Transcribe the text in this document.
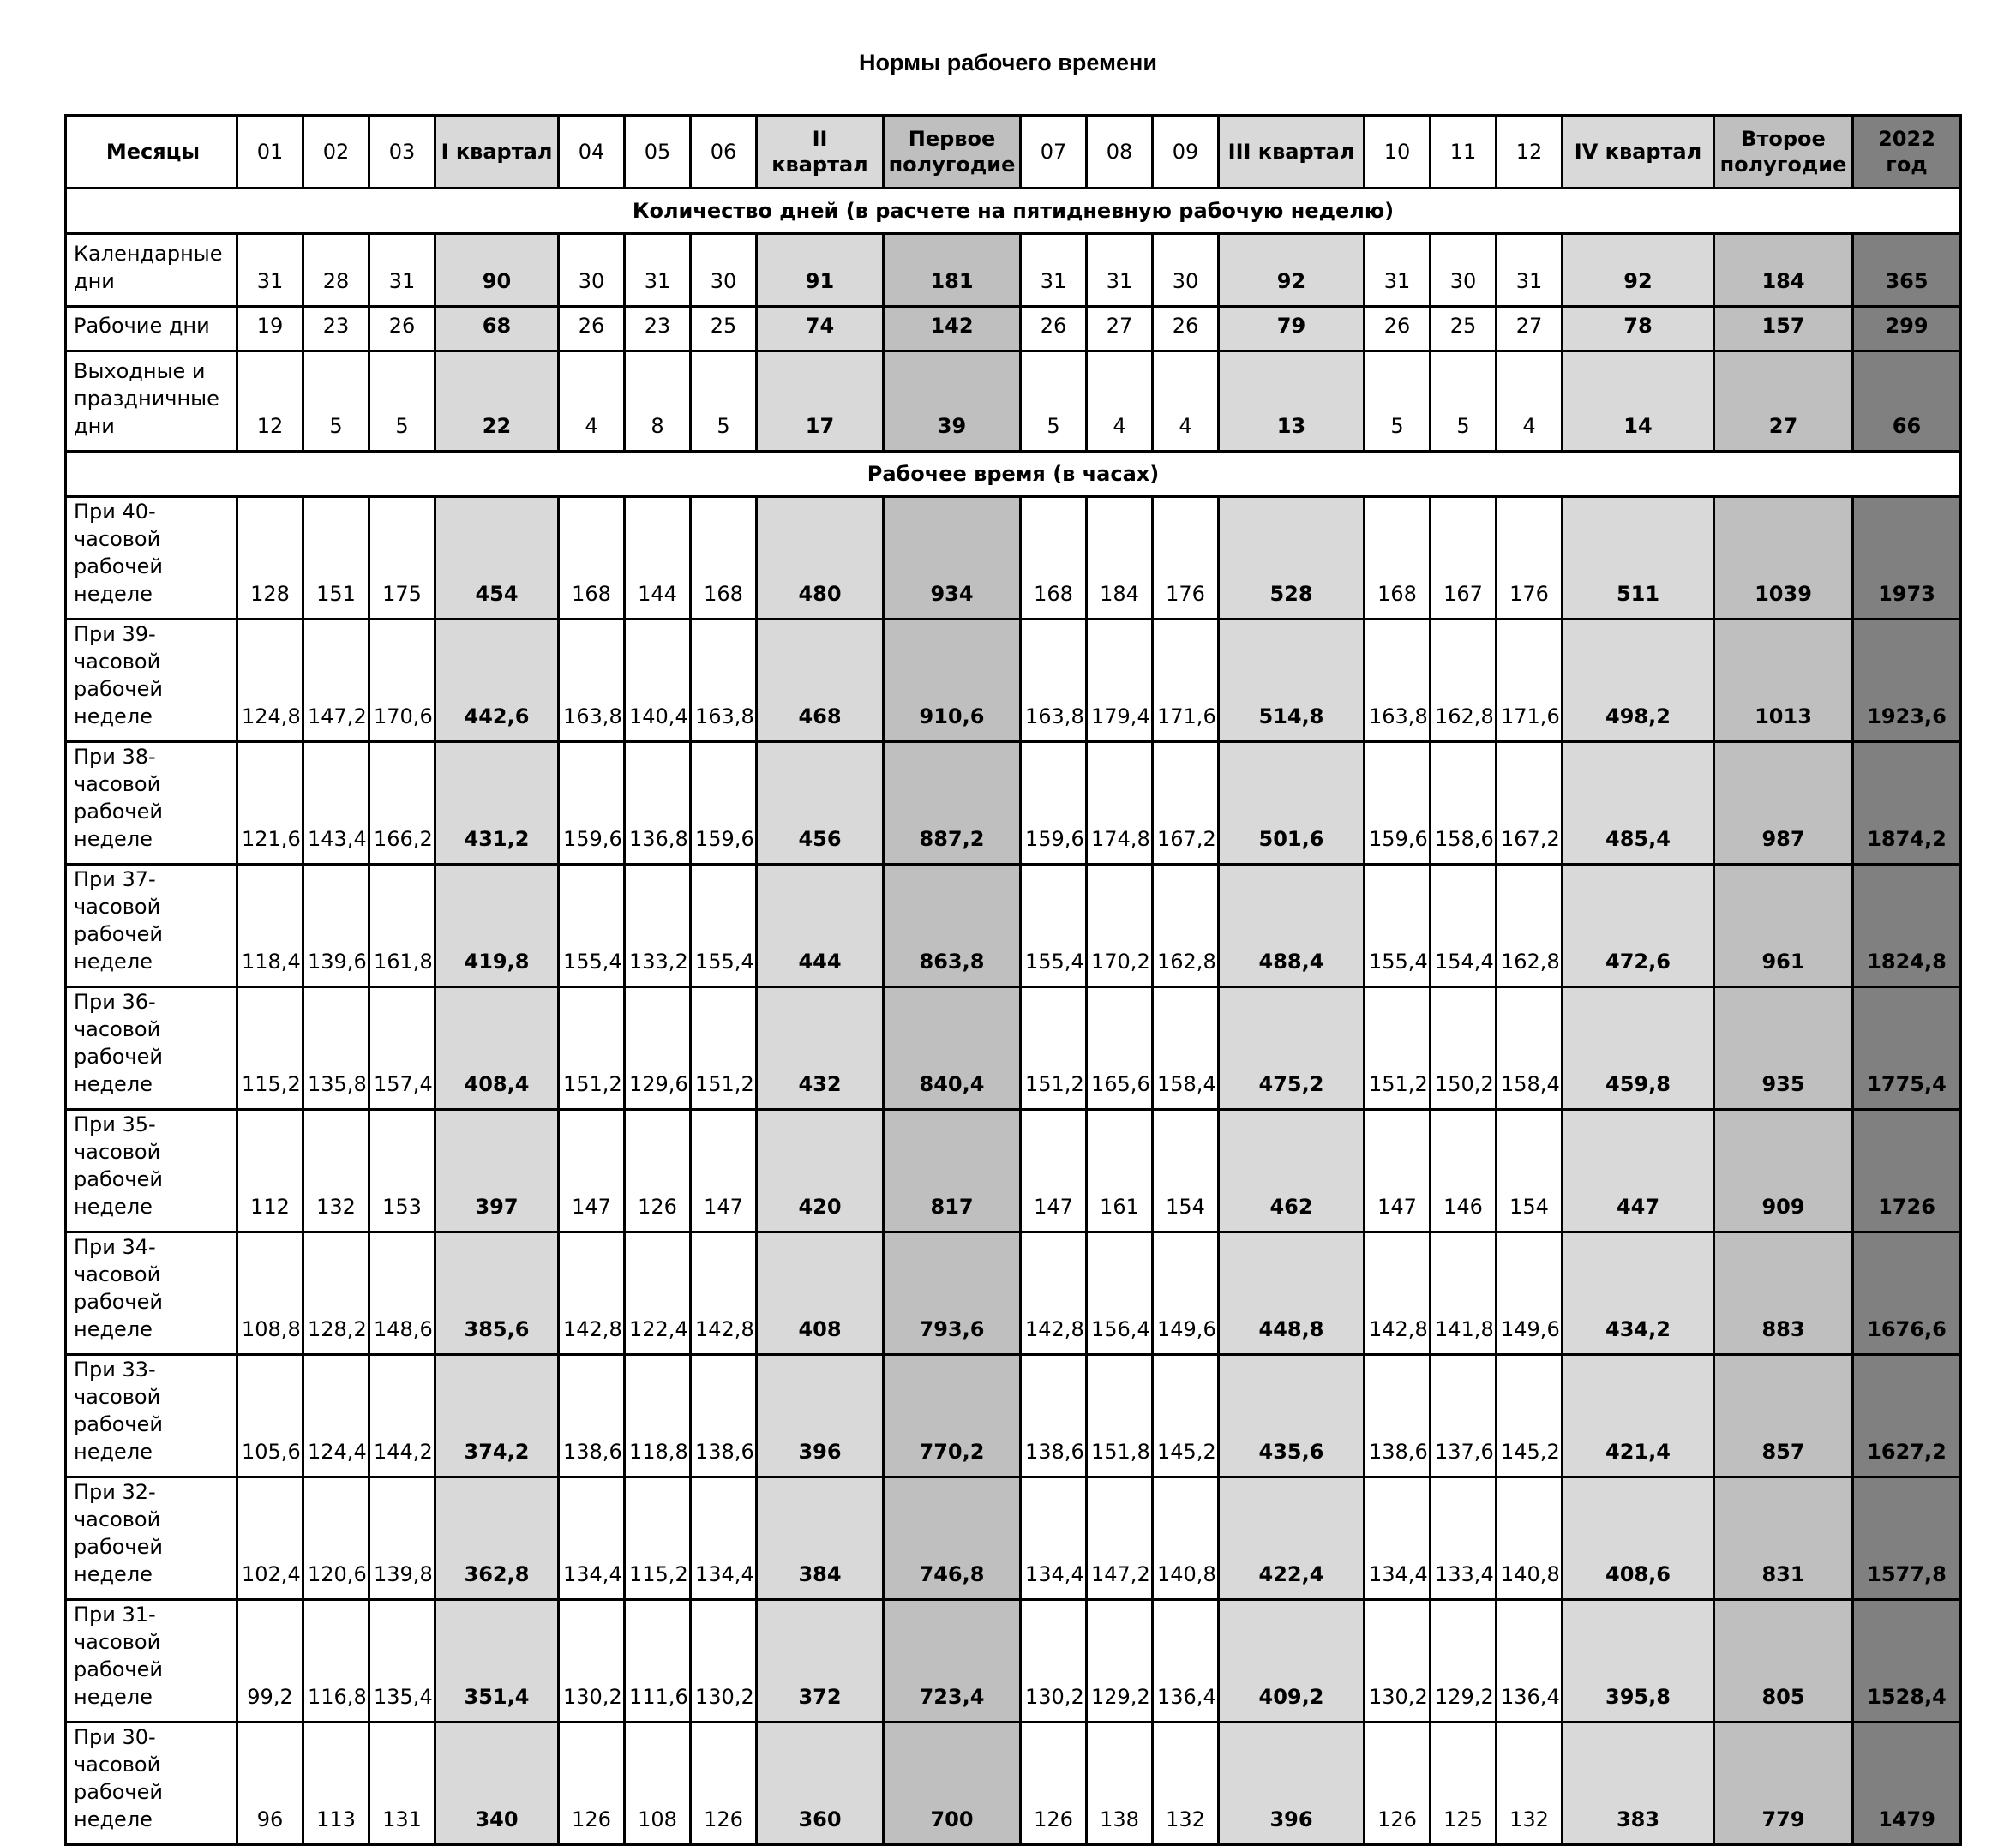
Нормы рабочего времени
Месяцы	01	02	03	I квартал	04	05	06	II квартал	Первое полугодие	07	08	09	III квартал	10	11	12	IV квартал	Второе полугодие	2022 год
Количество дней (в расчете на пятидневную рабочую неделю)																			
Календарные дни	31	28	31	90	30	31	30	91	181	31	31	30	92	31	30	31	92	184	365
Рабочие дни	19	23	26	68	26	23	25	74	142	26	27	26	79	26	25	27	78	157	299
Выходные и праздничные дни	12	5	5	22	4	8	5	17	39	5	4	4	13	5	5	4	14	27	66
Рабочее время (в часах)																			
При 40-часовой рабочей неделе	128	151	175	454	168	144	168	480	934	168	184	176	528	168	167	176	511	1039	1973
При 39-часовой рабочей неделе	124,8	147,2	170,6	442,6	163,8	140,4	163,8	468	910,6	163,8	179,4	171,6	514,8	163,8	162,8	171,6	498,2	1013	1923,6
При 38-часовой рабочей неделе	121,6	143,4	166,2	431,2	159,6	136,8	159,6	456	887,2	159,6	174,8	167,2	501,6	159,6	158,6	167,2	485,4	987	1874,2
При 37-часовой рабочей неделе	118,4	139,6	161,8	419,8	155,4	133,2	155,4	444	863,8	155,4	170,2	162,8	488,4	155,4	154,4	162,8	472,6	961	1824,8
При 36-часовой рабочей неделе	115,2	135,8	157,4	408,4	151,2	129,6	151,2	432	840,4	151,2	165,6	158,4	475,2	151,2	150,2	158,4	459,8	935	1775,4
При 35-часовой рабочей неделе	112	132	153	397	147	126	147	420	817	147	161	154	462	147	146	154	447	909	1726
При 34-часовой рабочей неделе	108,8	128,2	148,6	385,6	142,8	122,4	142,8	408	793,6	142,8	156,4	149,6	448,8	142,8	141,8	149,6	434,2	883	1676,6
При 33-часовой рабочей неделе	105,6	124,4	144,2	374,2	138,6	118,8	138,6	396	770,2	138,6	151,8	145,2	435,6	138,6	137,6	145,2	421,4	857	1627,2
При 32-часовой рабочей неделе	102,4	120,6	139,8	362,8	134,4	115,2	134,4	384	746,8	134,4	147,2	140,8	422,4	134,4	133,4	140,8	408,6	831	1577,8
При 31-часовой рабочей неделе	99,2	116,8	135,4	351,4	130,2	111,6	130,2	372	723,4	130,2	129,2	136,4	409,2	130,2	129,2	136,4	395,8	805	1528,4
При 30-часовой рабочей неделе	96	113	131	340	126	108	126	360	700	126	138	132	396	126	125	132	383	779	1479
